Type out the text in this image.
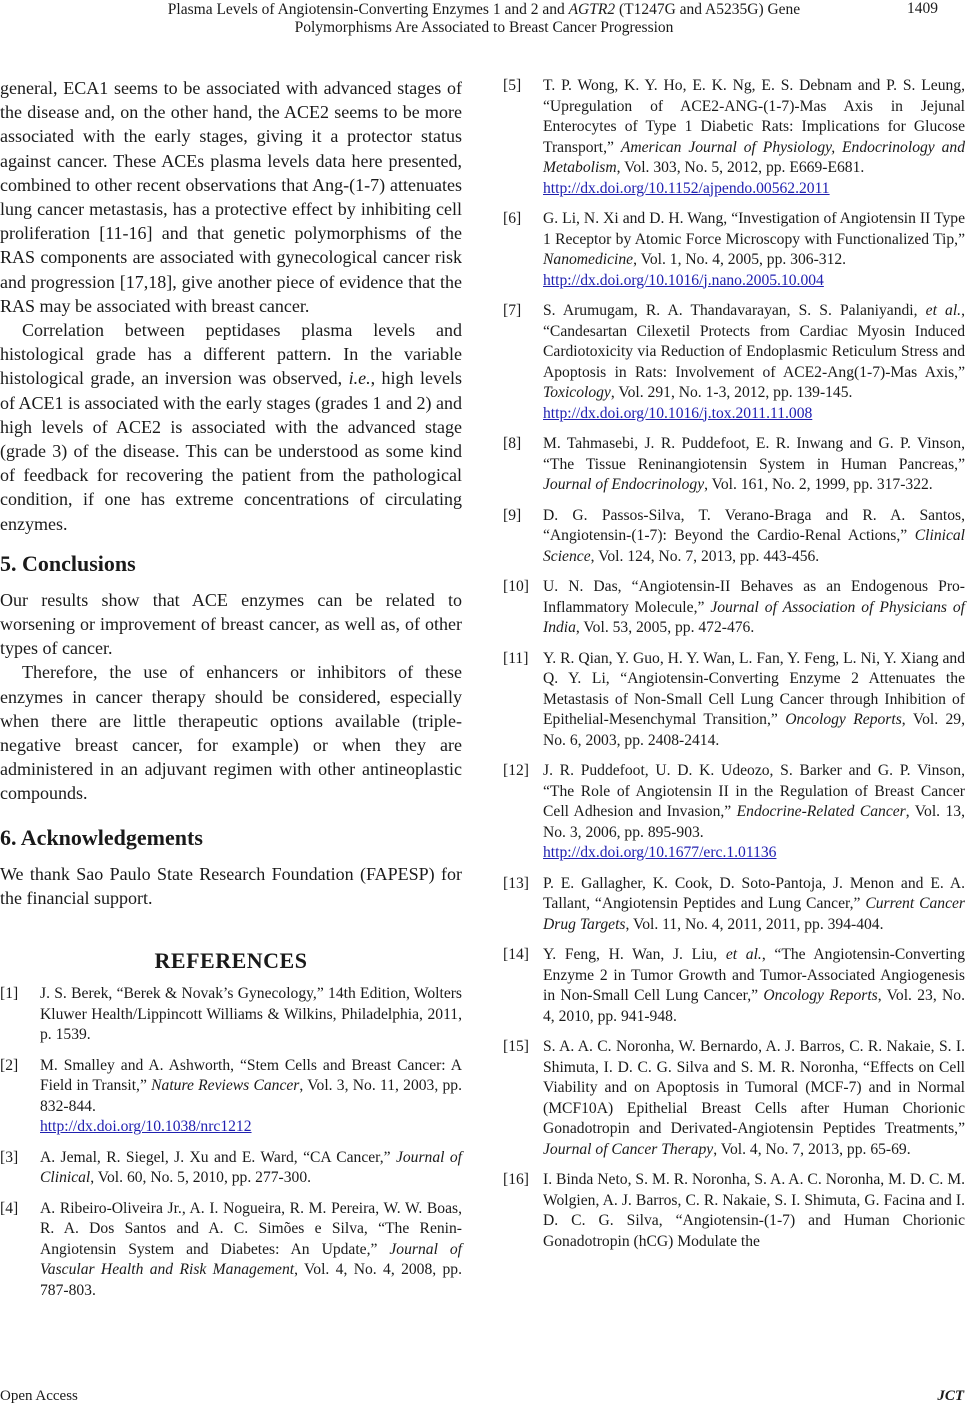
Plasma Levels of Angiotensin-Converting Enzymes 1 and 2 and AGTR2 (T1247G and A5235G) Gene
Polymorphisms Are Associated to Breast Cancer Progression
1409

general, ECA1 seems to be associated with advanced stages of the disease and, on the other hand, the ACE2 seems to be more associated with the early stages, giving it a protector status against cancer. These ACEs plasma levels data here presented, combined to other recent observations that Ang-(1-7) attenuates lung cancer metastasis, has a protective effect by inhibiting cell proliferation [11-16] and that genetic polymorphisms of the RAS components are associated with gynecological cancer risk and progression [17,18], give another piece of evidence that the RAS may be associated with breast cancer.

Correlation between peptidases plasma levels and histological grade has a different pattern. In the variable histological grade, an inversion was observed, i.e., high levels of ACE1 is associated with the early stages (grades 1 and 2) and high levels of ACE2 is associated with the advanced stage (grade 3) of the disease. This can be understood as some kind of feedback for recovering the patient from the pathological condition, if one has extreme concentrations of circulating enzymes.

5. Conclusions

Our results show that ACE enzymes can be related to worsening or improvement of breast cancer, as well as, of other types of cancer.

Therefore, the use of enhancers or inhibitors of these enzymes in cancer therapy should be considered, especially when there are little therapeutic options available (triple-negative breast cancer, for example) or when they are administered in an adjuvant regimen with other antineoplastic compounds.

6. Acknowledgements

We thank Sao Paulo State Research Foundation (FAPESP) for the financial support.

REFERENCES

[1] J. S. Berek, “Berek & Novak’s Gynecology,” 14th Edition, Wolters Kluwer Health/Lippincott Williams & Wilkins, Philadelphia, 2011, p. 1539.

[2] M. Smalley and A. Ashworth, “Stem Cells and Breast Cancer: A Field in Transit,” Nature Reviews Cancer, Vol. 3, No. 11, 2003, pp. 832-844.
http://dx.doi.org/10.1038/nrc1212

[3] A. Jemal, R. Siegel, J. Xu and E. Ward, “CA Cancer,” Journal of Clinical, Vol. 60, No. 5, 2010, pp. 277-300.

[4] A. Ribeiro-Oliveira Jr., A. I. Nogueira, R. M. Pereira, W. W. Boas, R. A. Dos Santos and A. C. Simões e Silva, “The Renin-Angiotensin System and Diabetes: An Update,” Journal of Vascular Health and Risk Management, Vol. 4, No. 4, 2008, pp. 787-803.

[5] T. P. Wong, K. Y. Ho, E. K. Ng, E. S. Debnam and P. S. Leung, “Upregulation of ACE2-ANG-(1-7)-Mas Axis in Jejunal Enterocytes of Type 1 Diabetic Rats: Implications for Glucose Transport,” American Journal of Physiology, Endocrinology and Metabolism, Vol. 303, No. 5, 2012, pp. E669-E681.
http://dx.doi.org/10.1152/ajpendo.00562.2011

[6] G. Li, N. Xi and D. H. Wang, “Investigation of Angiotensin II Type 1 Receptor by Atomic Force Microscopy with Functionalized Tip,” Nanomedicine, Vol. 1, No. 4, 2005, pp. 306-312.
http://dx.doi.org/10.1016/j.nano.2005.10.004

[7] S. Arumugam, R. A. Thandavarayan, S. S. Palaniyandi, et al., “Candesartan Cilexetil Protects from Cardiac Myosin Induced Cardiotoxicity via Reduction of Endoplasmic Reticulum Stress and Apoptosis in Rats: Involvement of ACE2-Ang(1-7)-Mas Axis,” Toxicology, Vol. 291, No. 1-3, 2012, pp. 139-145.
http://dx.doi.org/10.1016/j.tox.2011.11.008

[8] M. Tahmasebi, J. R. Puddefoot, E. R. Inwang and G. P. Vinson, “The Tissue Reninangiotensin System in Human Pancreas,” Journal of Endocrinology, Vol. 161, No. 2, 1999, pp. 317-322.

[9] D. G. Passos-Silva, T. Verano-Braga and R. A. Santos, “Angiotensin-(1-7): Beyond the Cardio-Renal Actions,” Clinical Science, Vol. 124, No. 7, 2013, pp. 443-456.

[10] U. N. Das, “Angiotensin-II Behaves as an Endogenous Pro-Inflammatory Molecule,” Journal of Association of Physicians of India, Vol. 53, 2005, pp. 472-476.

[11] Y. R. Qian, Y. Guo, H. Y. Wan, L. Fan, Y. Feng, L. Ni, Y. Xiang and Q. Y. Li, “Angiotensin-Converting Enzyme 2 Attenuates the Metastasis of Non-Small Cell Lung Cancer through Inhibition of Epithelial-Mesenchymal Transition,” Oncology Reports, Vol. 29, No. 6, 2003, pp. 2408-2414.

[12] J. R. Puddefoot, U. D. K. Udeozo, S. Barker and G. P. Vinson, “The Role of Angiotensin II in the Regulation of Breast Cancer Cell Adhesion and Invasion,” Endocrine-Related Cancer, Vol. 13, No. 3, 2006, pp. 895-903.
http://dx.doi.org/10.1677/erc.1.01136

[13] P. E. Gallagher, K. Cook, D. Soto-Pantoja, J. Menon and E. A. Tallant, “Angiotensin Peptides and Lung Cancer,” Current Cancer Drug Targets, Vol. 11, No. 4, 2011, 2011, pp. 394-404.

[14] Y. Feng, H. Wan, J. Liu, et al., “The Angiotensin-Converting Enzyme 2 in Tumor Growth and Tumor-Associated Angiogenesis in Non-Small Cell Lung Cancer,” Oncology Reports, Vol. 23, No. 4, 2010, pp. 941-948.

[15] S. A. A. C. Noronha, W. Bernardo, A. J. Barros, C. R. Nakaie, S. I. Shimuta, I. D. C. G. Silva and S. M. R. Noronha, “Effects on Cell Viability and on Apoptosis in Tumoral (MCF-7) and in Normal (MCF10A) Epithelial Breast Cells after Human Chorionic Gonadotropin and Derivated-Angiotensin Peptides Treatments,” Journal of Cancer Therapy, Vol. 4, No. 7, 2013, pp. 65-69.

[16] I. Binda Neto, S. M. R. Noronha, S. A. A. C. Noronha, M. D. C. M. Wolgien, A. J. Barros, C. R. Nakaie, S. I. Shimuta, G. Facina and I. D. C. G. Silva, “Angiotensin-(1-7) and Human Chorionic Gonadotropin (hCG) Modulate the

Open Access	JCT
